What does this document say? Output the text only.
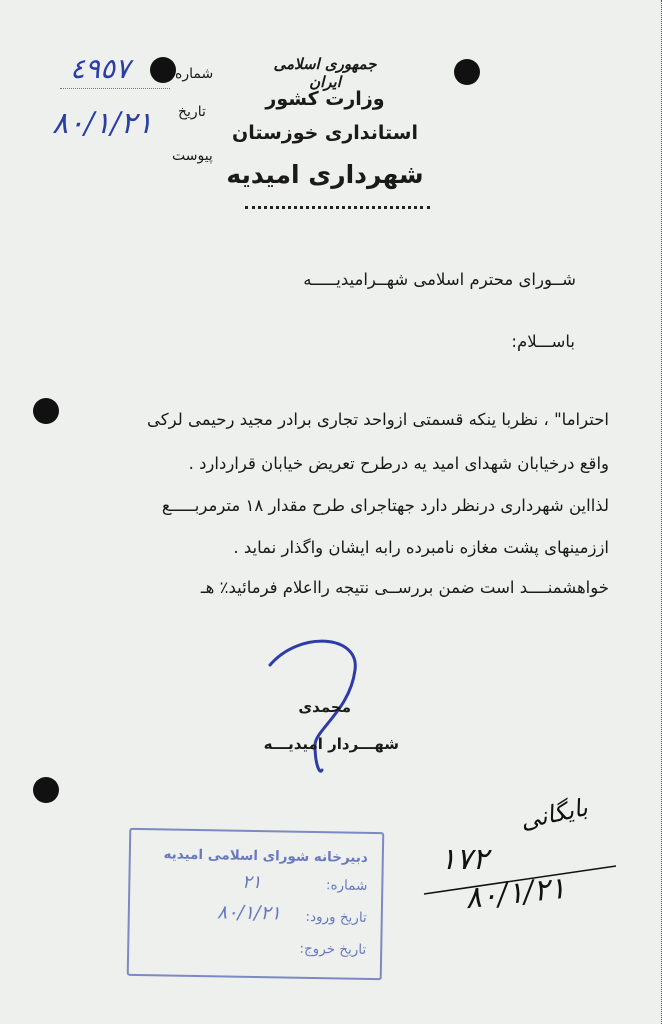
جمهوری اسلامی ایران
وزارت کشور
استانداری خوزستان
شهرداری امیدیه
شماره
تاریخ
پیوست
٤٩٥٧
٨٠/١/٢١
شــورای محترم اسلامی شهــرامیدیـــــه
باســـلام:
احتراما" ، نظربا ینکه قسمتی ازواحد تجاری برادر مجید رحیمی لرکی
واقع درخیابان شهدای امید یه درطرح تعریض خیابان قراردارد .
لذااین شهرداری درنظر دارد جهتاجرای طرح مقدار ١٨ مترمربـــــع
اززمینهای پشت مغازه نامبرده رابه ایشان واگذار نماید .
خواهشمنــــد است ضمن بررســی نتیجه رااعلام فرمائید٪ هـ
محمدی
شهـــردار امیدیـــه
دبیرخانه شورای اسلامی امیدیه
شماره:
٢١
تاریخ ورود:
٨٠/١/٢١
تاریخ خروج:
بایگانی
١٧٢
٨٠/١/٢١
